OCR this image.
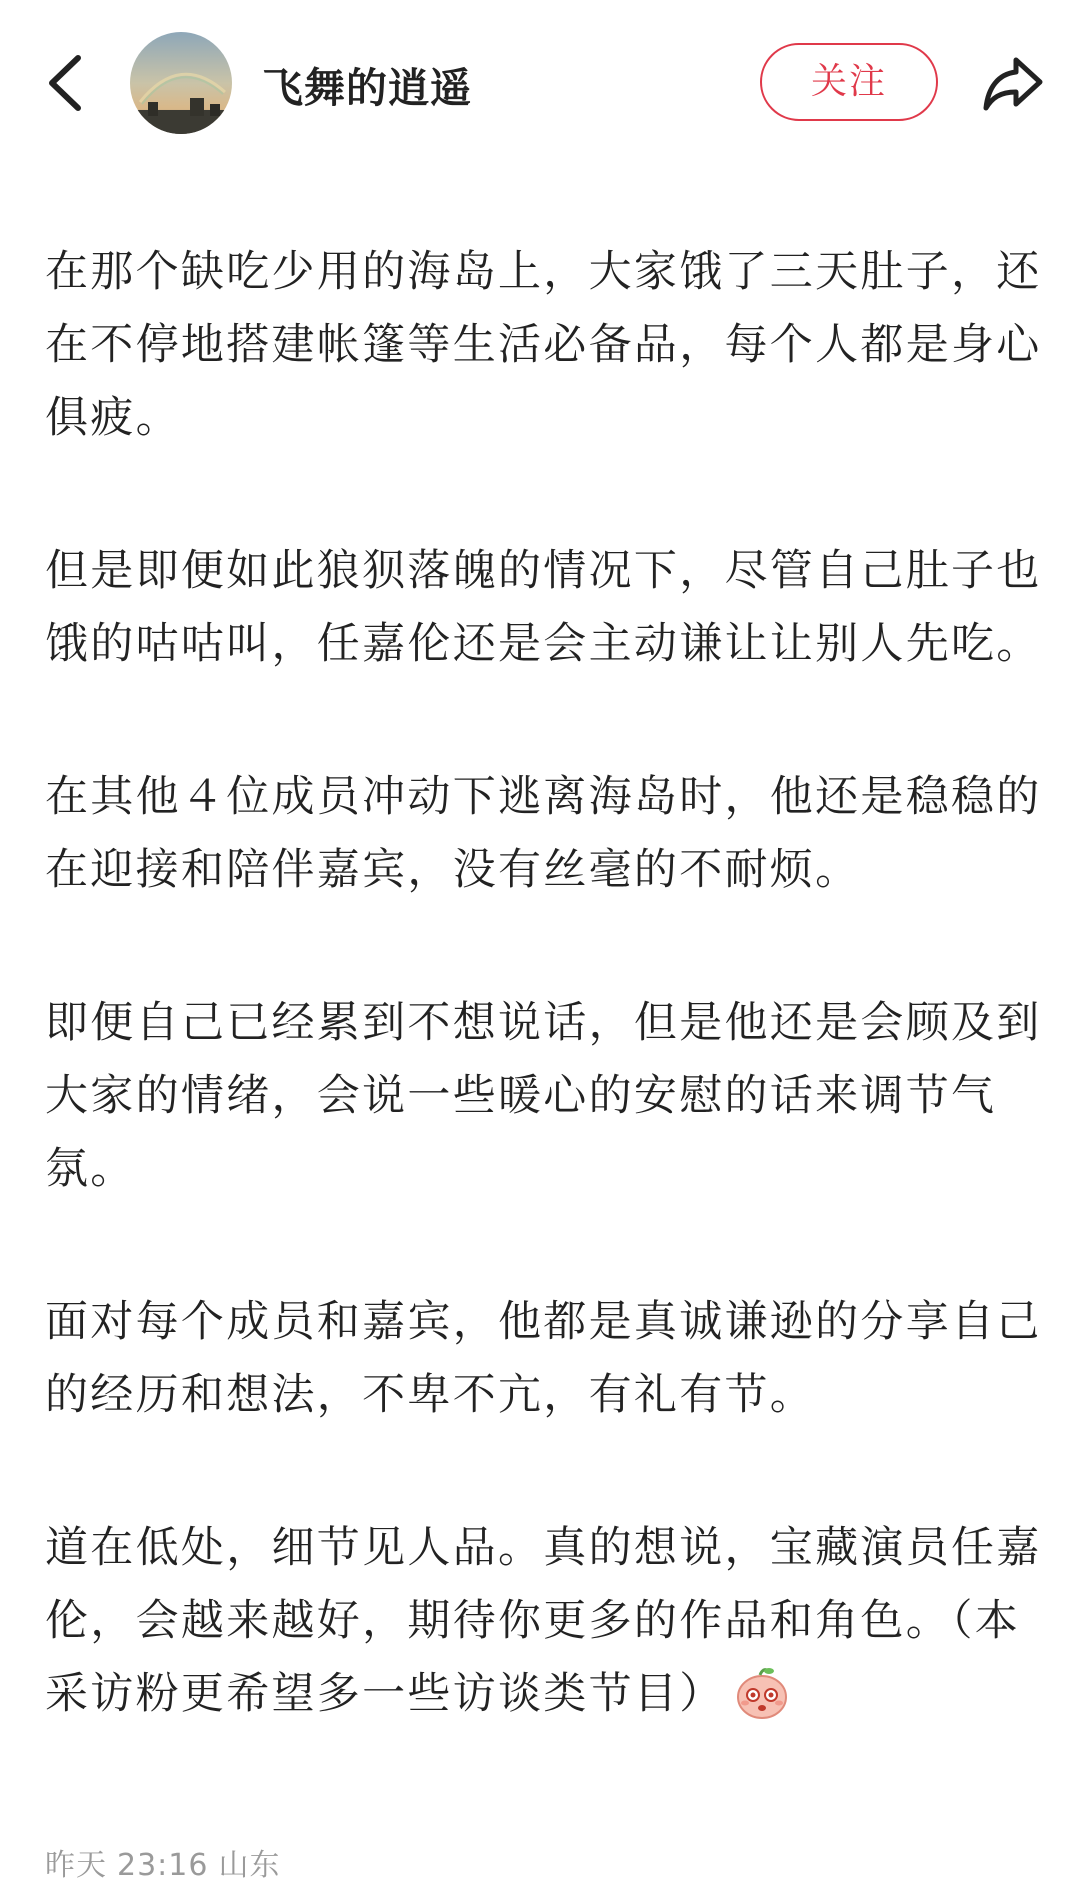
飞舞的逍遥	关注

在那个缺吃少用的海岛上，大家饿了三天肚子，还在不停地搭建帐篷等生活必备品，每个人都是身心俱疲。

但是即便如此狼狈落魄的情况下，尽管自己肚子也饿的咕咕叫，任嘉伦还是会主动谦让让别人先吃。

在其他４位成员冲动下逃离海岛时，他还是稳稳的在迎接和陪伴嘉宾，没有丝毫的不耐烦。

即便自己已经累到不想说话，但是他还是会顾及到大家的情绪，会说一些暖心的安慰的话来调节气氛。

面对每个成员和嘉宾，他都是真诚谦逊的分享自己的经历和想法，不卑不亢，有礼有节。

道在低处，细节见人品。真的想说，宝藏演员任嘉伦，会越来越好，期待你更多的作品和角色。（本采访粉更希望多一些访谈类节目）

昨天 23:16 山东
